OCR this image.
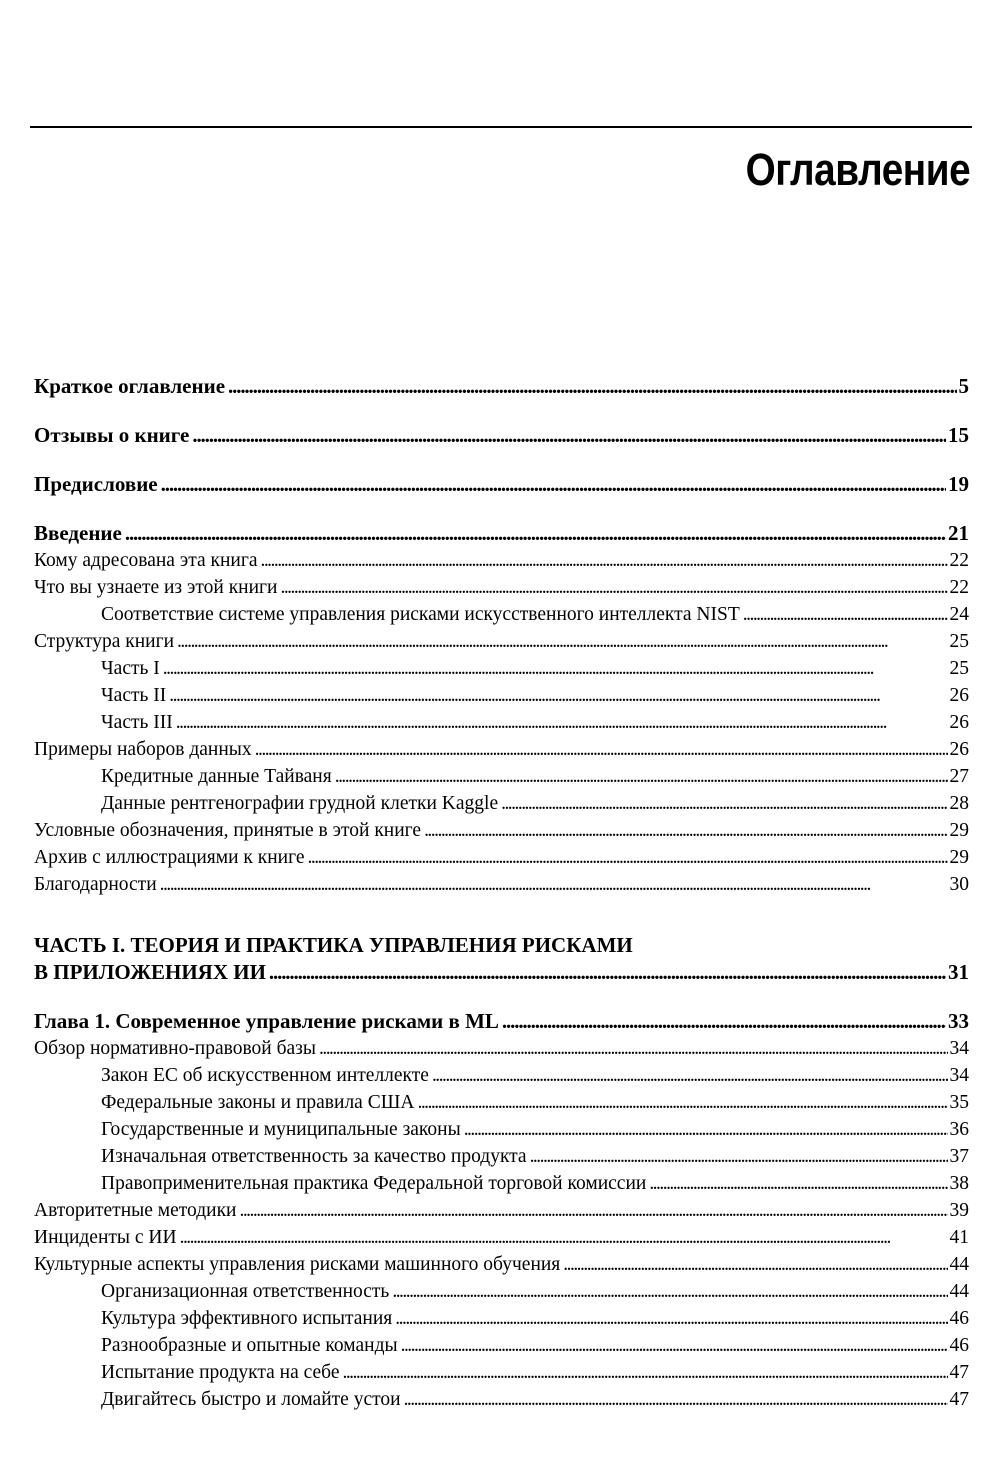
Оглавление
Краткое оглавление . . .	5
Отзывы о книге . . .	15
Предисловие . . .	19
Введение . . .	21
Кому адресована эта книга . . .	22
Что вы узнаете из этой книги . . .	22
Соответствие системе управления рисками искусственного интеллекта NIST . . .	24
Структура книги . . .	25
Часть I . . .	25
Часть II . . .	26
Часть III . . .	26
Примеры наборов данных . . .	26
Кредитные данные Тайваня . . .	27
Данные рентгенографии грудной клетки Kaggle . . .	28
Условные обозначения, принятые в этой книге . . .	29
Архив с иллюстрациями к книге . . .	29
Благодарности . . .	30
ЧАСТЬ I. ТЕОРИЯ И ПРАКТИКА УПРАВЛЕНИЯ РИСКАМИ
В ПРИЛОЖЕНИЯХ ИИ . . .	31
Глава 1. Современное управление рисками в ML . . .	33
Обзор нормативно-правовой базы . . .	34
Закон ЕС об искусственном интеллекте . . .	34
Федеральные законы и правила США . . .	35
Государственные и муниципальные законы . . .	36
Изначальная ответственность за качество продукта . . .	37
Правоприменительная практика Федеральной торговой комиссии . . .	38
Авторитетные методики . . .	39
Инциденты с ИИ . . .	41
Культурные аспекты управления рисками машинного обучения . . .	44
Организационная ответственность . . .	44
Культура эффективного испытания . . .	46
Разнообразные и опытные команды . . .	46
Испытание продукта на себе . . .	47
Двигайтесь быстро и ломайте устои . . .	47
